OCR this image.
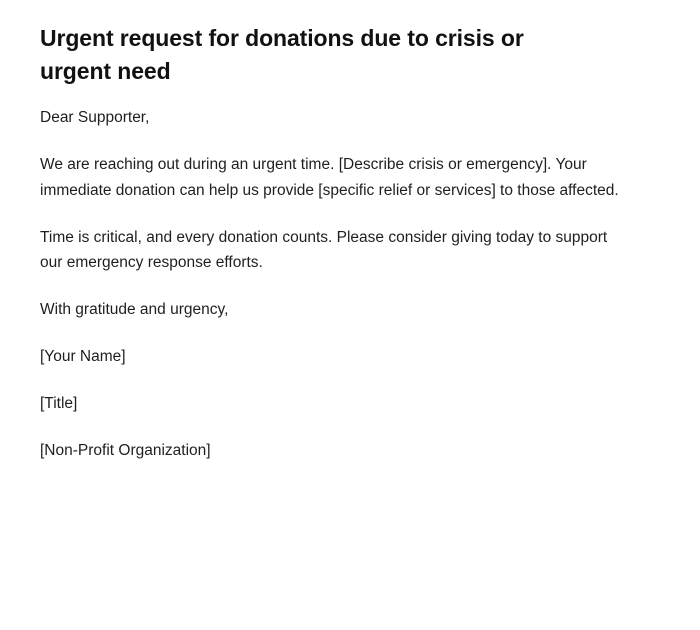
Urgent request for donations due to crisis or urgent need

Dear Supporter,

We are reaching out during an urgent time. [Describe crisis or emergency]. Your immediate donation can help us provide [specific relief or services] to those affected.

Time is critical, and every donation counts. Please consider giving today to support our emergency response efforts.

With gratitude and urgency,

[Your Name]

[Title]

[Non-Profit Organization]
